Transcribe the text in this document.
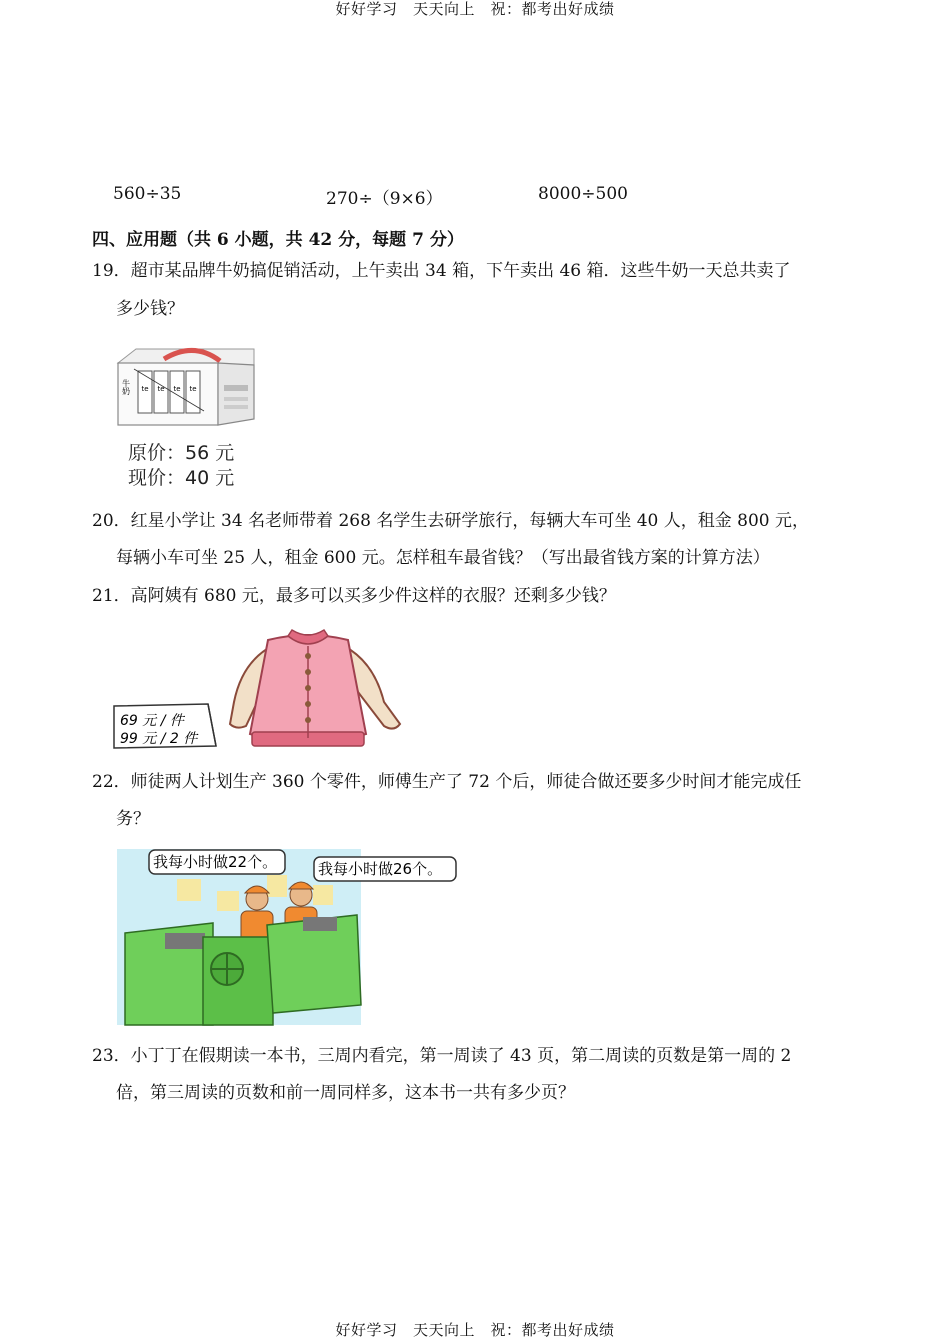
好好学习　天天向上　祝：都考出好成绩
560÷35	270÷（9×6）	8000÷500
四、应用题（共 6 小题，共 42 分，每题 7 分）
19．超市某品牌牛奶搞促销活动，上午卖出 34 箱，下午卖出 46 箱．这些牛奶一天总共卖了
多少钱？
te te te te
牛奶
原价：56 元
现价：40 元
20．红星小学让 34 名老师带着 268 名学生去研学旅行，每辆大车可坐 40 人，租金 800 元，
每辆小车可坐 25 人，租金 600 元。怎样租车最省钱？（写出最省钱方案的计算方法）
21．高阿姨有 680 元，最多可以买多少件这样的衣服？还剩多少钱？
69 元 / 件
99 元 / 2 件
22．师徒两人计划生产 360 个零件，师傅生产了 72 个后，师徒合做还要多少时间才能完成任
务？
我每小时做22个。	我每小时做26个。
23．小丁丁在假期读一本书，三周内看完，第一周读了 43 页，第二周读的页数是第一周的 2
倍，第三周读的页数和前一周同样多，这本书一共有多少页？
好好学习　天天向上　祝：都考出好成绩
